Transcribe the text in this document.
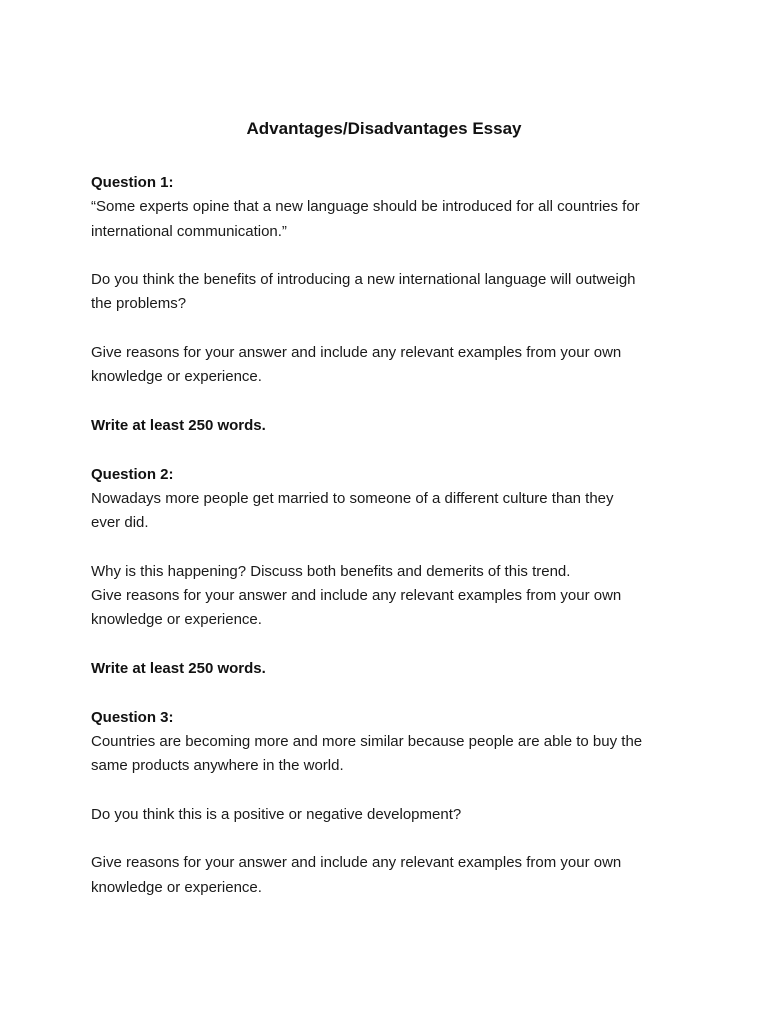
Advantages/Disadvantages Essay

Question 1:

“Some experts opine that a new language should be introduced for all countries for

international communication.”

Do you think the benefits of introducing a new international language will outweigh

the problems?

Give reasons for your answer and include any relevant examples from your own

knowledge or experience.

Write at least 250 words.

Question 2:

Nowadays more people get married to someone of a different culture than they

ever did.

Why is this happening? Discuss both benefits and demerits of this trend.

Give reasons for your answer and include any relevant examples from your own

knowledge or experience.

Write at least 250 words.

Question 3:

Countries are becoming more and more similar because people are able to buy the

same products anywhere in the world.

Do you think this is a positive or negative development?

Give reasons for your answer and include any relevant examples from your own

knowledge or experience.
